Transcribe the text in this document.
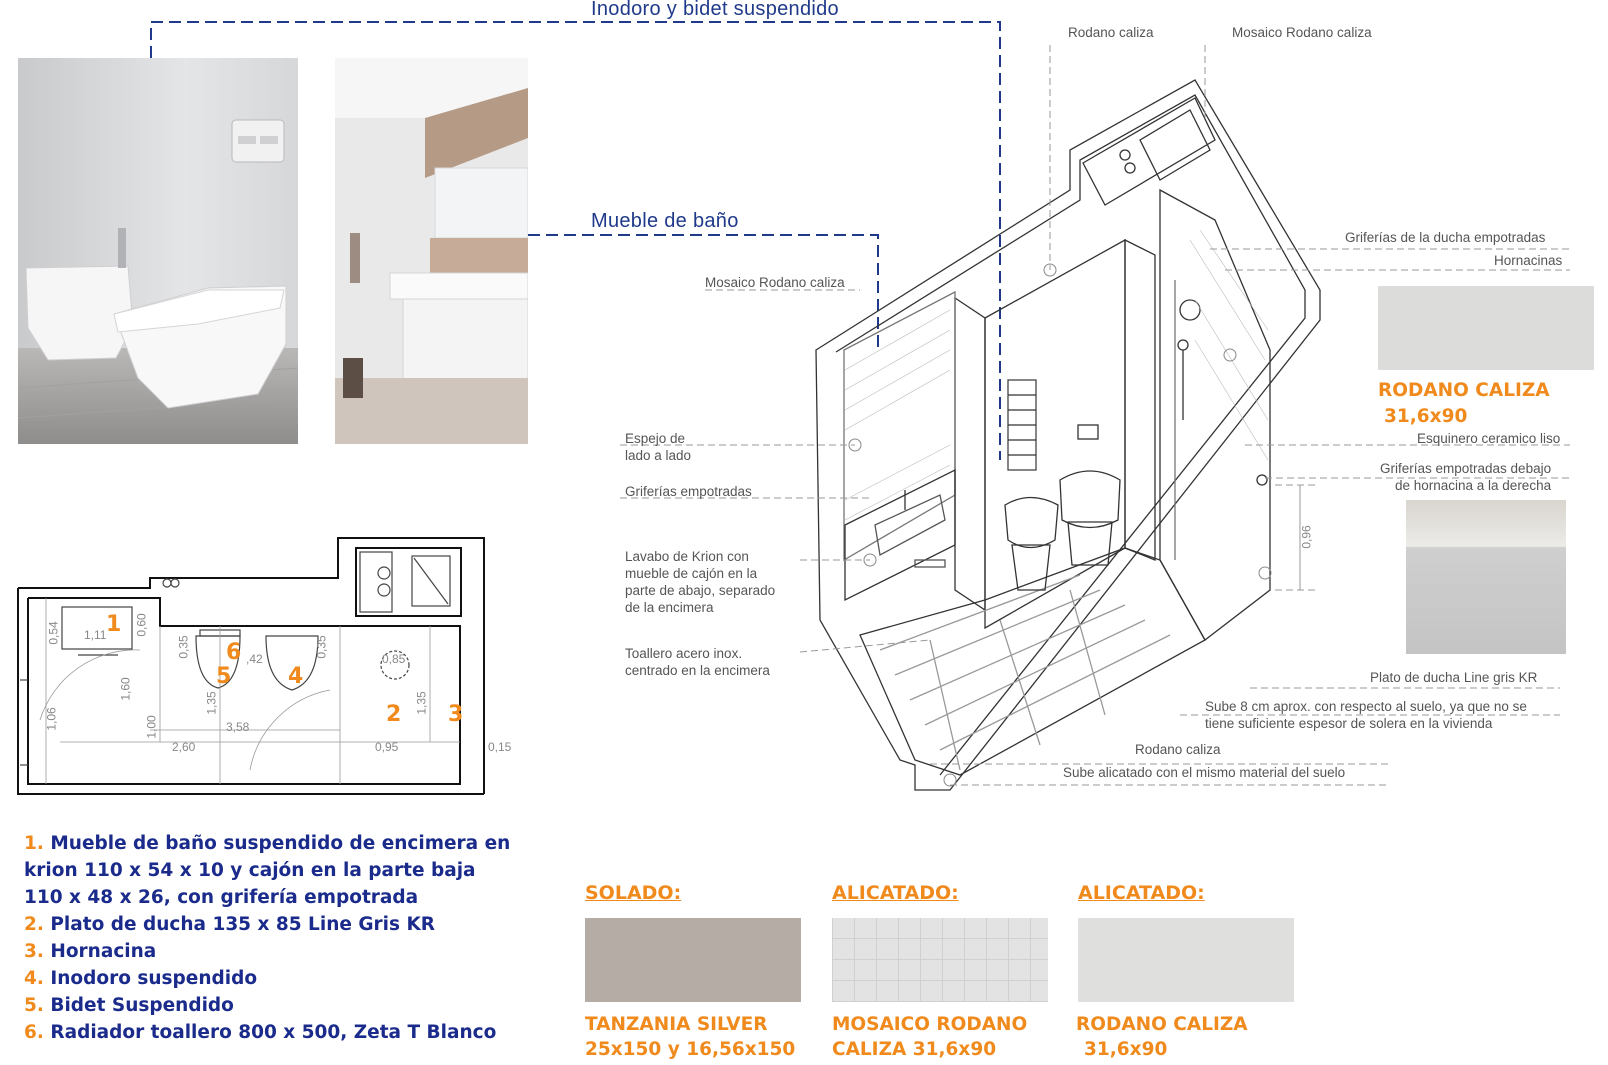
Inodoro y bidet suspendido
Mueble de baño
Rodano caliza	Mosaico Rodano caliza
Mosaico Rodano caliza
Espejo de
lado a lado
Griferías empotradas
Lavabo de Krion con
mueble de cajón en la
parte de abajo, separado
de la encimera
Toallero acero inox.
centrado en la encimera
Griferías de la ducha empotradas
Hornacinas
Esquinero ceramico liso
Griferías empotradas debajo
de hornacina a la derecha
0,96
Plato de ducha Line gris KR
Sube 8 cm aprox. con respecto al suelo, ya que no se
tiene suficiente espesor de solera en la vivienda
Rodano caliza
Sube alicatado con el mismo material del suelo
RODANO CALIZA
31,6x90
0,54 1,11 0,60
0,35
,42
0,35
0,85
1,60
1,06	1,00
1,35	1,35
3,58
2,60	0,95	0,15
1
2 3
4
5
6
1. Mueble de baño suspendido de encimera en
krion 110 x 54 x 10 y cajón en la parte baja
110 x 48 x 26, con grifería empotrada
2. Plato de ducha 135 x 85 Line Gris KR
3. Hornacina
4. Inodoro suspendido
5. Bidet Suspendido
6. Radiador toallero 800 x 500, Zeta T Blanco
SOLADO:
TANZANIA SILVER
25x150 y 16,56x150
ALICATADO:
MOSAICO RODANO
CALIZA 31,6x90
ALICATADO:
RODANO CALIZA
31,6x90
